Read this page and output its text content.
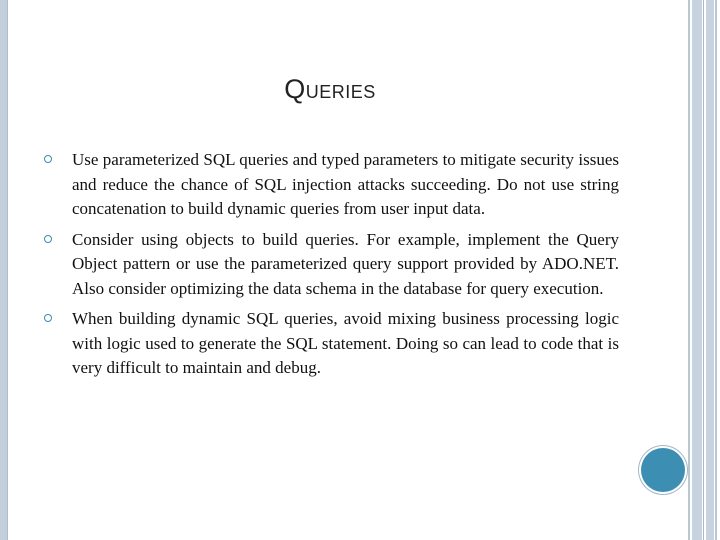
QUERIES
Use parameterized SQL queries and typed parameters to mitigate security issues and reduce the chance of SQL injection attacks succeeding. Do not use string concatenation to build dynamic queries from user input data.
Consider using objects to build queries. For example, implement the Query Object pattern or use the parameterized query support provided by ADO.NET. Also consider optimizing the data schema in the database for query execution.
When building dynamic SQL queries, avoid mixing business processing logic with logic used to generate the SQL statement. Doing so can lead to code that is very difficult to maintain and debug.
